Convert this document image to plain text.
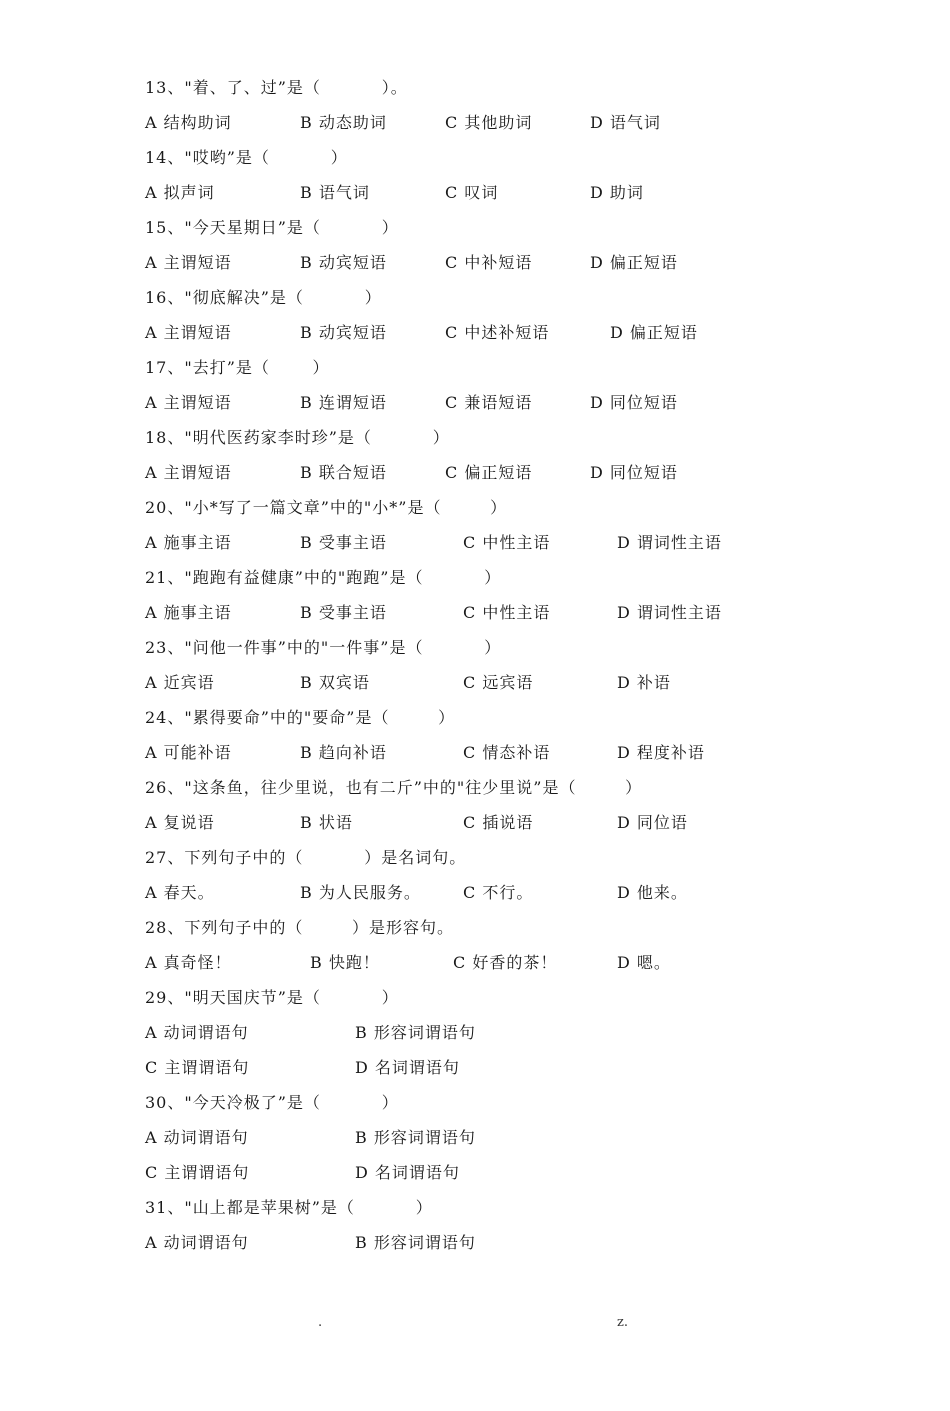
13、"着、了、过”是（          ）。
A 结构助词	B 动态助词	C 其他助词	D 语气词
14、"哎哟”是（          ）
A 拟声词	B 语气词	C 叹词	D 助词
15、"今天星期日”是（          ）
A 主谓短语	B 动宾短语	C 中补短语	D 偏正短语
16、"彻底解决”是（          ）
A 主谓短语	B 动宾短语	C 中述补短语	D 偏正短语
17、"去打”是（       ）
A 主谓短语	B 连谓短语	C 兼语短语	D 同位短语
18、"明代医药家李时珍”是（          ）
A 主谓短语	B 联合短语	C 偏正短语	D 同位短语
20、"小*写了一篇文章”中的"小*”是（        ）
A 施事主语	B 受事主语	C 中性主语	D 谓词性主语
21、"跑跑有益健康”中的"跑跑”是（          ）
A 施事主语	B 受事主语	C 中性主语	D 谓词性主语
23、"问他一件事”中的"一件事”是（          ）
A 近宾语	B 双宾语	C 远宾语	D 补语
24、"累得要命”中的"要命”是（        ）
A 可能补语	B 趋向补语	C 情态补语	D 程度补语
26、"这条鱼，往少里说，也有二斤”中的"往少里说”是（        ）
A 复说语	B 状语	C 插说语	D 同位语
27、下列句子中的（          ）是名词句。
A 春天。	B 为人民服务。	C 不行。	D 他来。
28、下列句子中的（        ）是形容句。
A 真奇怪！	B 快跑！	C 好香的茶！	D 嗯。
29、"明天国庆节”是（          ）
A 动词谓语句	B 形容词谓语句
C 主谓谓语句	D 名词谓语句
30、"今天冷极了”是（          ）
A 动词谓语句	B 形容词谓语句
C 主谓谓语句	D 名词谓语句
31、"山上都是苹果树”是（          ）
A 动词谓语句	B 形容词谓语句
.	z.
